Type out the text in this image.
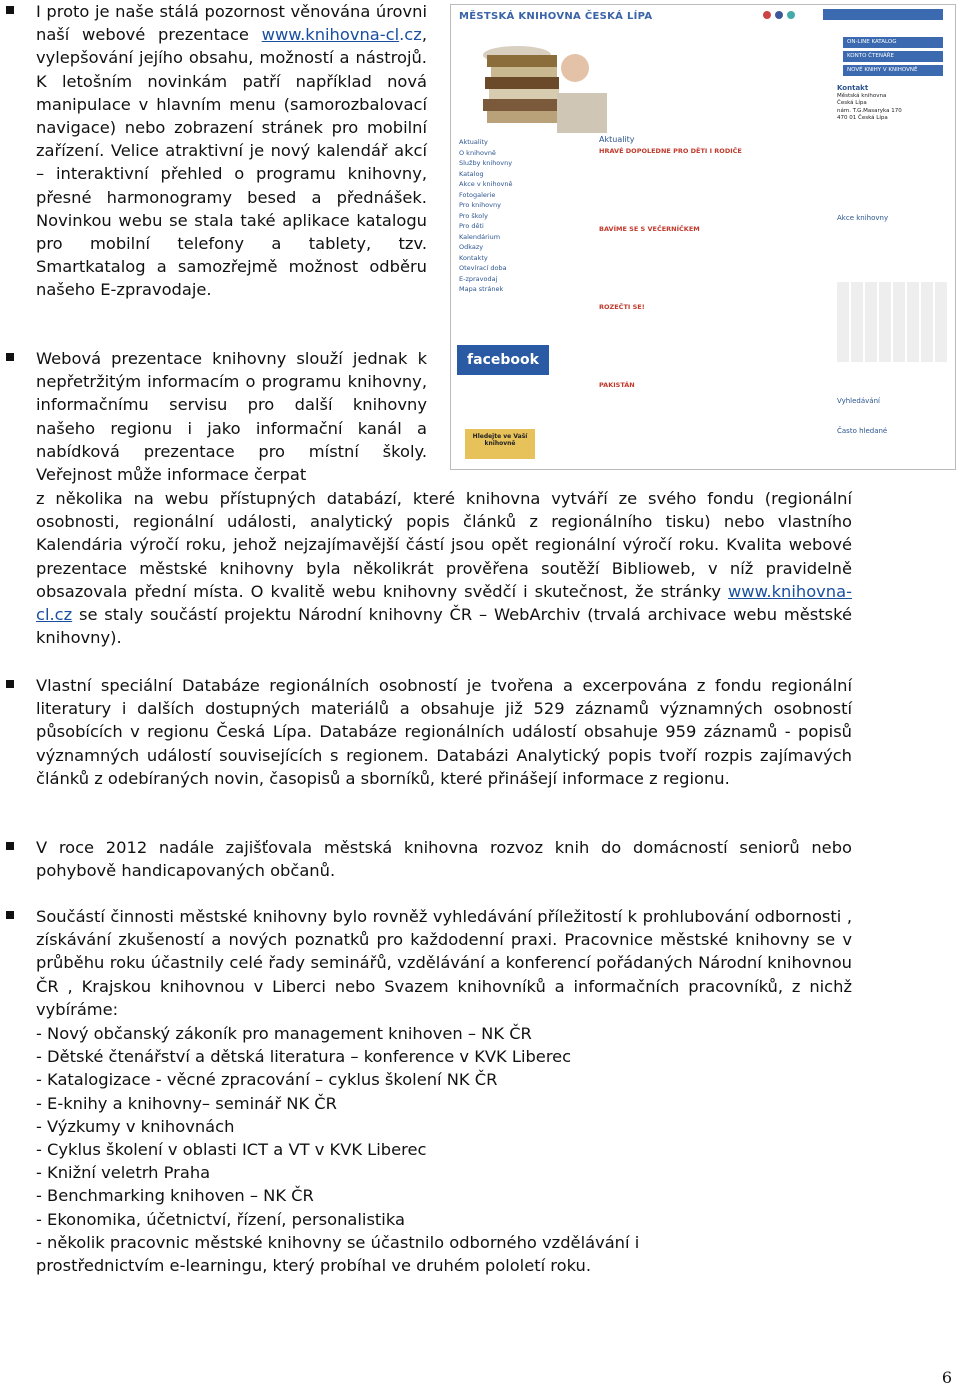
MĚSTSKÁ KNIHOVNA ČESKÁ LÍPA
ON-LINE KATALOG
KONTO ČTENÁŘE
NOVÉ KNIHY V KNIHOVNĚ
Aktuality
O knihovně
Služby knihovny
Katalog
Akce v knihovně
Fotogalerie
Pro knihovny
Pro školy
Pro děti
Kalendárium
Odkazy
Kontakty
Otevírací doba
E-zpravodaj
Mapa stránek
Aktuality
HRAVÉ DOPOLEDNE PRO DĚTI I RODIČE
BAVÍME SE S VEČERNÍČKEM
ROZEČTI SE!
PAKISTÁN
Kontakt
Městská knihovna
Česká Lípa
nám. T.G.Masaryka 170
470 01 Česká Lípa
Akce knihovny
Vyhledávání
Často hledané
facebook
Hledejte ve Vaší knihovně
I proto je naše stálá pozornost věnována úrovni naší webové prezentace www.knihovna-cl.cz, vylepšování jejího obsahu, možností a nástrojů. K letošním novinkám patří například nová manipulace v hlavním menu (samorozbalovací navigace) nebo zobrazení stránek pro mobilní zařízení. Velice atraktivní je nový kalendář akcí – interaktivní přehled o programu knihovny, přesné harmonogramy besed a přednášek. Novinkou webu se stala také aplikace katalogu pro mobilní telefony a tablety, tzv. Smartkatalog a samozřejmě možnost odběru našeho E-zpravodaje.
Webová prezentace knihovny slouží jednak k nepřetržitým informacím o programu knihovny, informačnímu servisu pro další knihovny našeho regionu i jako informační kanál a nabídková prezentace pro místní školy. Veřejnost může informace čerpat
z několika na webu přístupných databází, které knihovna vytváří ze svého fondu (regionální osobnosti, regionální události, analytický popis článků z regionálního tisku) nebo vlastního Kalendária výročí roku, jehož nejzajímavější částí jsou opět regionální výročí roku. Kvalita webové prezentace městské knihovny byla několikrát prověřena soutěží Biblioweb, v níž pravidelně obsazovala přední místa. O kvalitě webu knihovny svědčí i skutečnost, že stránky www.knihovna-cl.cz se staly součástí projektu Národní knihovny ČR – WebArchiv (trvalá archivace webu městské knihovny).
Vlastní speciální Databáze regionálních osobností je tvořena a excerpována z fondu regionální literatury i dalších dostupných materiálů a obsahuje již 529 záznamů významných osobností působících v regionu Česká Lípa. Databáze regionálních událostí obsahuje 959 záznamů - popisů významných událostí souvisejících s regionem. Databázi Analytický popis tvoří rozpis zajímavých článků z odebíraných novin, časopisů a sborníků, které přinášejí informace z regionu.
V roce 2012 nadále zajišťovala městská knihovna rozvoz knih do domácností seniorů nebo pohybově handicapovaných občanů.
Součástí činnosti městské knihovny bylo rovněž vyhledávání příležitostí k prohlubování odbornosti , získávání zkušeností a nových poznatků pro každodenní praxi. Pracovnice městské knihovny se v průběhu roku účastnily celé řady seminářů, vzdělávání a konferencí pořádaných Národní knihovnou ČR , Krajskou knihovnou v Liberci nebo Svazem knihovníků a informačních pracovníků, z nichž vybíráme:
- Nový občanský zákoník pro management knihoven – NK ČR
- Dětské čtenářství a dětská literatura – konference v KVK Liberec
- Katalogizace - věcné zpracování – cyklus školení NK ČR
- E-knihy a knihovny– seminář NK ČR
- Výzkumy v knihovnách
- Cyklus školení v oblasti ICT a VT v KVK Liberec
- Knižní veletrh Praha
- Benchmarking knihoven – NK ČR
- Ekonomika, účetnictví, řízení, personalistika
- několik pracovnic městské knihovny se účastnilo odborného vzdělávání i
prostřednictvím e-learningu, který probíhal ve druhém pololetí roku.
6
